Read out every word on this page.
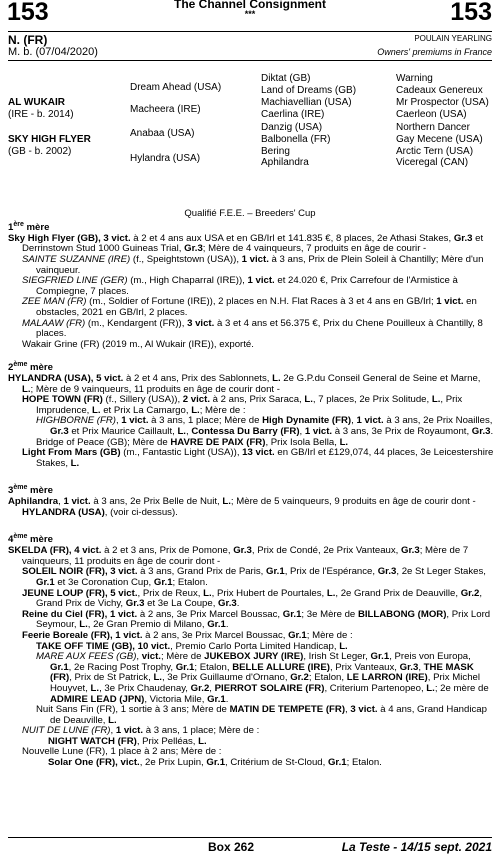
153	The Channel Consignment
***	153
N. (FR)	POULAIN YEARLING
M. b. (07/04/2020)	Owners' premiums in France
AL WUKAIR
(IRE - b. 2014)
SKY HIGH FLYER
(GB - b. 2002)
Dream Ahead (USA)
Macheera (IRE)
Anabaa (USA)
Hylandra (USA)
Diktat (GB)
Land of Dreams (GB)
Machiavellian (USA)
Caerlina (IRE)
Danzig (USA)
Balbonella (FR)
Bering
Aphilandra
Warning
Cadeaux Genereux
Mr Prospector (USA)
Caerleon (USA)
Northern Dancer
Gay Mecene (USA)
Arctic Tern (USA)
Viceregal (CAN)
Qualifié F.E.E. – Breeders' Cup

1ère mère

Sky High Flyer (GB), 3 vict. à 2 et 4 ans aux USA et en GB/Irl et 141.835 €, 8 places, 2e Athasi Stakes, Gr.3 et Derrinstown Stud 1000 Guineas Trial, Gr.3; Mère de 4 vainqueurs, 7 produits en âge de courir -

SAINTE SUZANNE (IRE) (f., Speightstown (USA)), 1 vict. à 3 ans, Prix de Plein Soleil à Chantilly; Mère d'un vainqueur.

SIEGFRIED LINE (GER) (m., High Chaparral (IRE)), 1 vict. et 24.020 €, Prix Carrefour de l'Armistice à Compiegne, 7 places.

ZEE MAN (FR) (m., Soldier of Fortune (IRE)), 2 places en N.H. Flat Races à 3 et 4 ans en GB/Irl; 1 vict. en obstacles, 2021 en GB/Irl, 2 places.

MALAAW (FR) (m., Kendargent (FR)), 3 vict. à 3 et 4 ans et 56.375 €, Prix du Chene Pouilleux à Chantilly, 8 places.

Wakair Grine (FR) (2019 m., Al Wukair (IRE)), exporté.

2ème mère

HYLANDRA (USA), 5 vict. à 2 et 4 ans, Prix des Sablonnets, L. 2e G.P.du Conseil General de Seine et Marne, L.; Mère de 9 vainqueurs, 11 produits en âge de courir dont -

HOPE TOWN (FR) (f., Sillery (USA)), 2 vict. à 2 ans, Prix Saraca, L., 7 places, 2e Prix Solitude, L., Prix Imprudence, L. et Prix La Camargo, L.; Mère de :

HIGHBORNE (FR), 1 vict. à 3 ans, 1 place; Mère de High Dynamite (FR), 1 vict. à 3 ans, 2e Prix Noailles, Gr.3 et Prix Maurice Caillault, L., Contessa Du Barry (FR), 1 vict. à 3 ans, 3e Prix de Royaumont, Gr.3.

Bridge of Peace (GB); Mère de HAVRE DE PAIX (FR), Prix Isola Bella, L.

Light From Mars (GB) (m., Fantastic Light (USA)), 13 vict. en GB/Irl et £129,074, 44 places, 3e Leicestershire Stakes, L.

3ème mère

Aphilandra, 1 vict. à 3 ans, 2e Prix Belle de Nuit, L.; Mère de 5 vainqueurs, 9 produits en âge de courir dont -

HYLANDRA (USA), (voir ci-dessus).

4ème mère

SKELDA (FR), 4 vict. à 2 et 3 ans, Prix de Pomone, Gr.3, Prix de Condé, 2e Prix Vanteaux, Gr.3; Mère de 7 vainqueurs, 11 produits en âge de courir dont -

SOLEIL NOIR (FR), 3 vict. à 3 ans, Grand Prix de Paris, Gr.1, Prix de l'Espérance, Gr.3, 2e St Leger Stakes, Gr.1 et 3e Coronation Cup, Gr.1; Etalon.

JEUNE LOUP (FR), 5 vict., Prix de Reux, L., Prix Hubert de Pourtales, L., 2e Grand Prix de Deauville, Gr.2, Grand Prix de Vichy, Gr.3 et 3e La Coupe, Gr.3.

Reine du Ciel (FR), 1 vict. à 2 ans, 3e Prix Marcel Boussac, Gr.1; 3e Mère de BILLABONG (MOR), Prix Lord Seymour, L., 2e Gran Premio di Milano, Gr.1.

Feerie Boreale (FR), 1 vict. à 2 ans, 3e Prix Marcel Boussac, Gr.1; Mère de :

TAKE OFF TIME (GB), 10 vict., Premio Carlo Porta Limited Handicap, L.

MARE AUX FEES (GB), vict.; Mère de JUKEBOX JURY (IRE), Irish St Leger, Gr.1, Preis von Europa, Gr.1, 2e Racing Post Trophy, Gr.1; Etalon, BELLE ALLURE (IRE), Prix Vanteaux, Gr.3, THE MASK (FR), Prix de St Patrick, L., 3e Prix Guillaume d'Ornano, Gr.2; Etalon, LE LARRON (IRE), Prix Michel Houyvet, L., 3e Prix Chaudenay, Gr.2, PIERROT SOLAIRE (FR), Criterium Partenopeo, L.; 2e mère de ADMIRE LEAD (JPN), Victoria Mile, Gr.1.

Nuit Sans Fin (FR), 1 sortie à 3 ans; Mère de MATIN DE TEMPETE (FR), 3 vict. à 4 ans, Grand Handicap de Deauville, L.

NUIT DE LUNE (FR), 1 vict. à 3 ans, 1 place; Mère de :

NIGHT WATCH (FR), Prix Pelléas, L.

Nouvelle Lune (FR), 1 place à 2 ans; Mère de :

Solar One (FR), vict., 2e Prix Lupin, Gr.1, Critérium de St-Cloud, Gr.1; Etalon.

Box 262	La Teste - 14/15 sept. 2021
